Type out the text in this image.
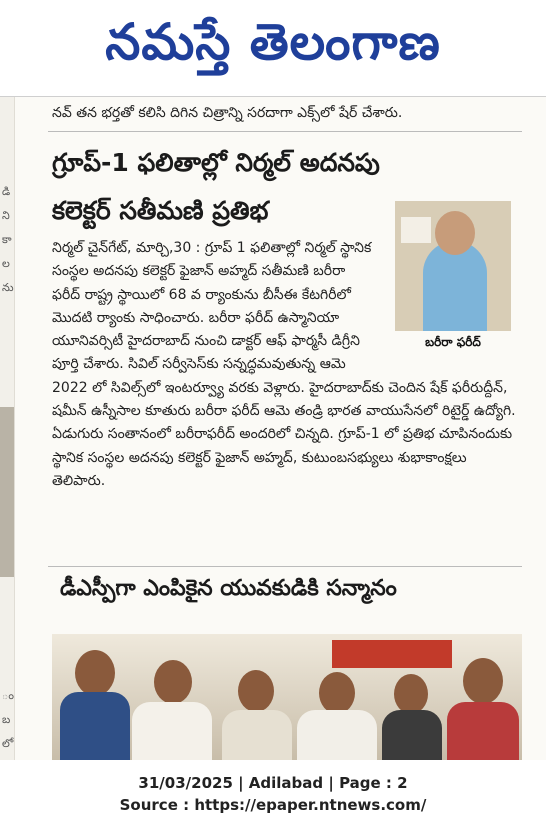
నమస్తే తెలంగాణ
డి
ని
కా
ల
ను
ం
బ
లో
నవ్ తన భర్తతో కలిసి దిగిన చిత్రాన్ని సరదాగా ఎక్స్‌లో షేర్ చేశారు.
గ్రూప్-1 ఫలితాల్లో నిర్మల్ అదనపు కలెక్టర్ సతీమణి ప్రతిభ
బరీరా ఫరీద్

నిర్మల్ చైన్‌గేట్, మార్చి,30 : గ్రూప్ 1 ఫలితాల్లో నిర్మల్ స్థానిక సంస్థల అదనపు కలెక్టర్ ఫైజాన్ అహ్మద్ సతీమణి బరీరా ఫరీద్ రాష్ట్ర స్థాయిలో 68 వ ర్యాంకును బీసీఈ కేటగిరీలో మొదటి ర్యాంకు సాధించారు. బరీరా ఫరీద్ ఉస్మానియా యూనివర్సిటీ హైదరాబాద్ నుంచి డాక్టర్ ఆఫ్ ఫార్మసీ డిగ్రీని పూర్తి చేశారు. సివిల్ సర్వీసెస్‌కు సన్నద్ధమవుతున్న ఆమె 2022 లో సివిల్స్‌లో ఇంటర్వ్యూ వరకు వెళ్లారు. హైదరాబాద్‌కు చెందిన షేక్ ఫరీరుద్దీన్, షమీన్ ఉస్నీసాల కూతురు బరీరా ఫరీద్ ఆమె తండ్రి భారత వాయుసేనలో రిటైర్డ్ ఉద్యోగి. ఏడుగురు సంతానంలో బరీరాఫరీద్ అందరిలో చిన్నది. గ్రూప్-1 లో ప్రతిభ చూపినందుకు స్థానిక సంస్థల అదనపు కలెక్టర్ ఫైజాన్ అహ్మద్, కుటుంబసభ్యులు శుభాకాంక్షలు తెలిపారు.

డీఎస్పీగా ఎంపికైన యువకుడికి సన్మానం
31/03/2025 | Adilabad | Page : 2
Source : https://epaper.ntnews.com/
